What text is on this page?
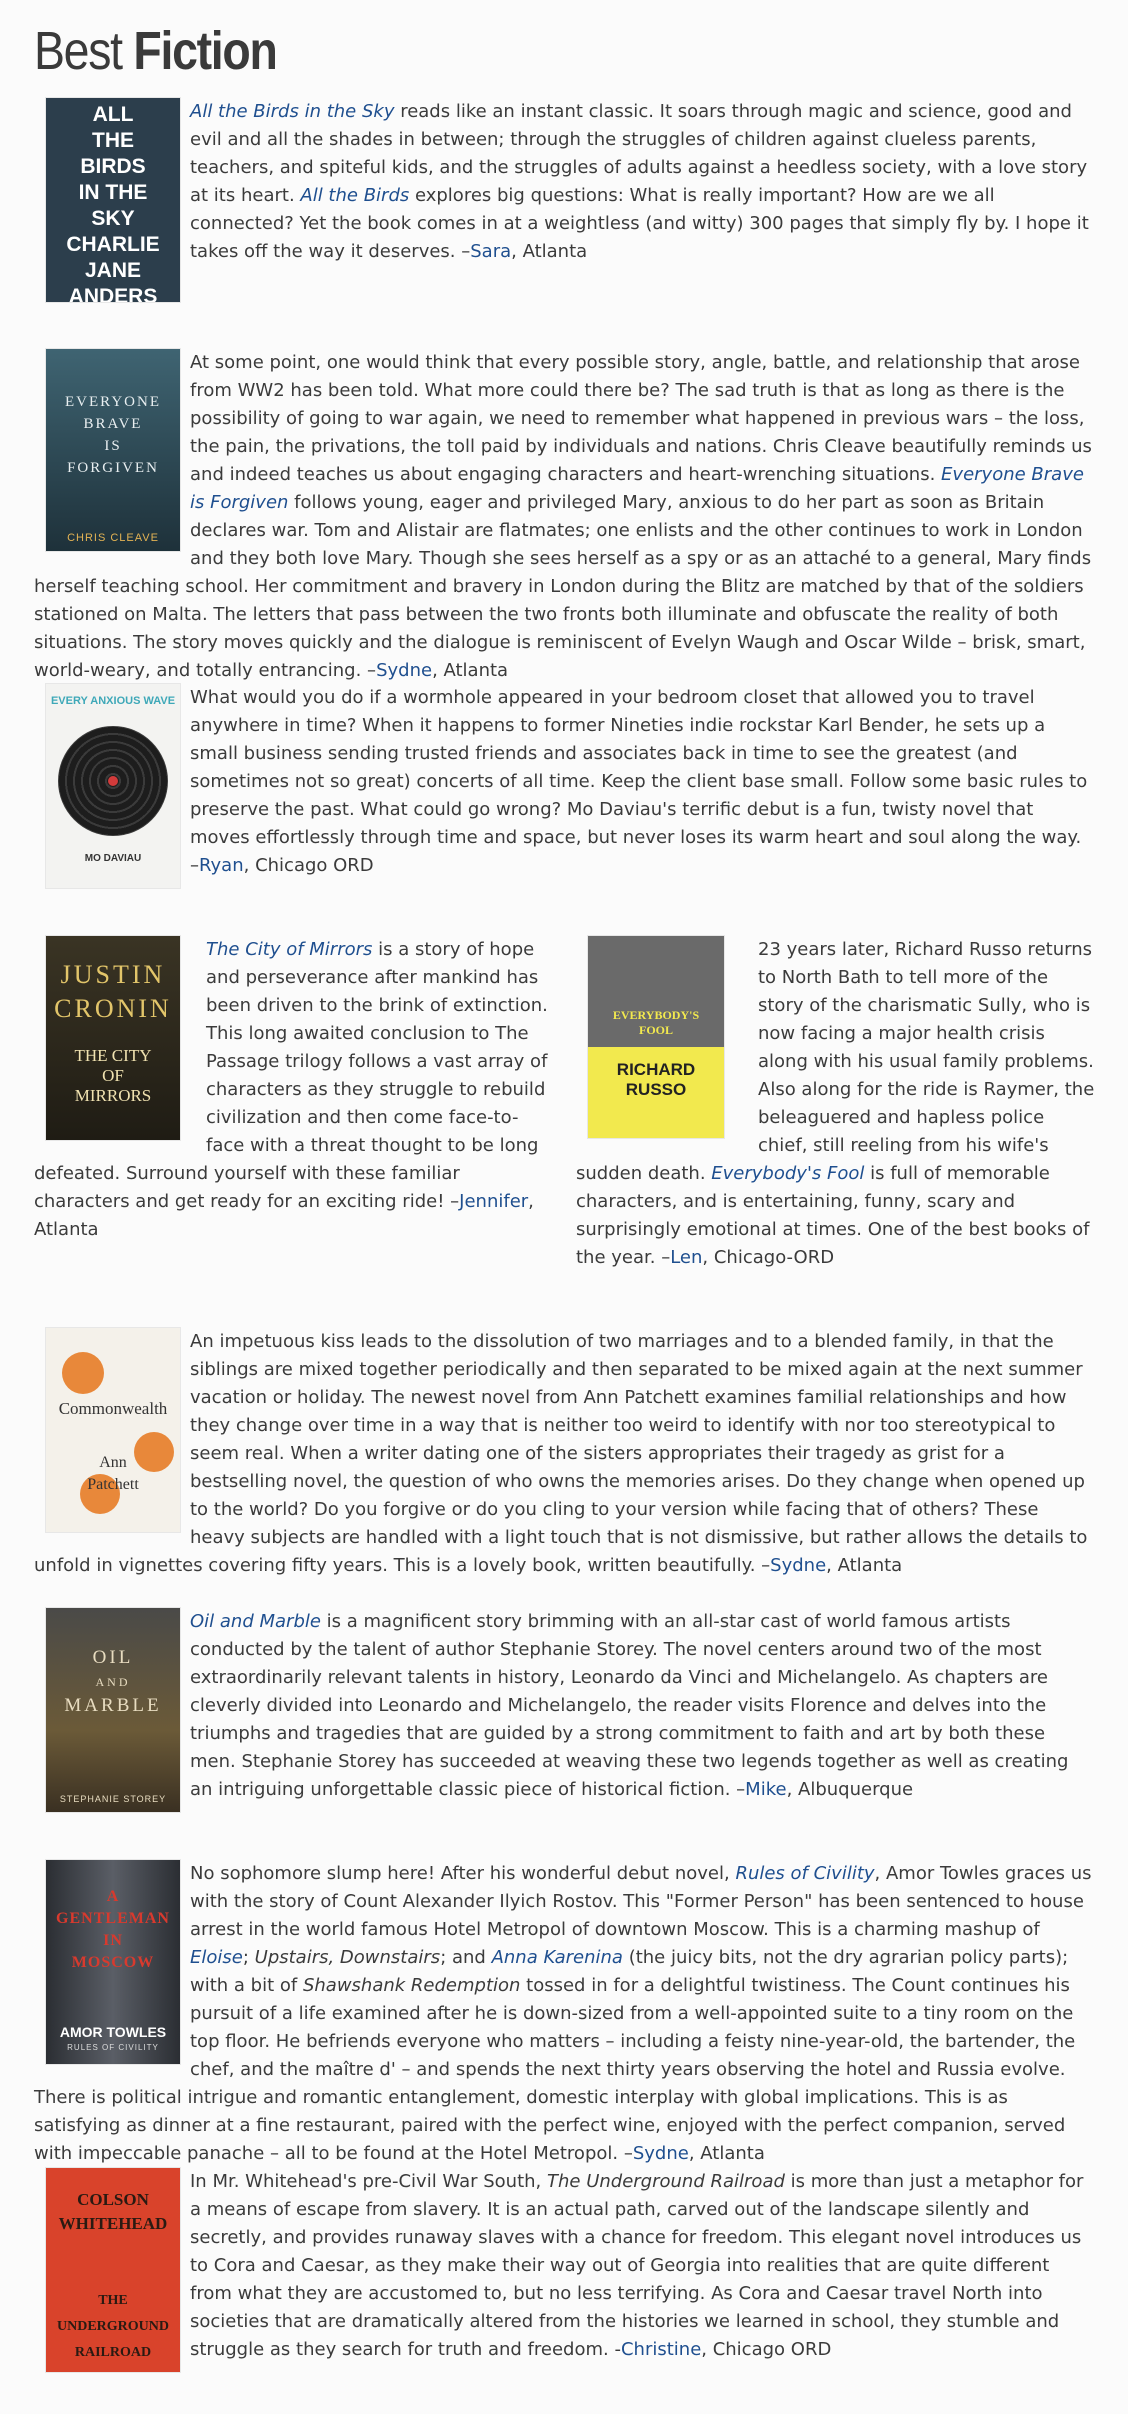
Best Fiction
ALL
THE
BIRDS
IN THE
SKY
CHARLIE
JANE
ANDERS

All the Birds in the Sky reads like an instant classic. It soars through magic and science, good and evil and all the shades in between; through the struggles of children against clueless parents, teachers, and spiteful kids, and the struggles of adults against a heedless society, with a love story at its heart. All the Birds explores big questions: What is really important? How are we all connected? Yet the book comes in at a weightless (and witty) 300 pages that simply fly by. I hope it takes off the way it deserves. –Sara, Atlanta

EVERYONE
BRAVE
IS
FORGIVEN
CHRIS CLEAVE

At some point, one would think that every possible story, angle, battle, and relationship that arose from WW2 has been told. What more could there be? The sad truth is that as long as there is the possibility of going to war again, we need to remember what happened in previous wars – the loss, the pain, the privations, the toll paid by individuals and nations. Chris Cleave beautifully reminds us and indeed teaches us about engaging characters and heart-wrenching situations. Everyone Brave is Forgiven follows young, eager and privileged Mary, anxious to do her part as soon as Britain declares war. Tom and Alistair are flatmates; one enlists and the other continues to work in London and they both love Mary. Though she sees herself as a spy or as an attaché to a general, Mary finds herself teaching school. Her commitment and bravery in London during the Blitz are matched by that of the soldiers stationed on Malta. The letters that pass between the two fronts both illuminate and obfuscate the reality of both situations. The story moves quickly and the dialogue is reminiscent of Evelyn Waugh and Oscar Wilde – brisk, smart, world-weary, and totally entrancing. –Sydne, Atlanta

EVERY ANXIOUS WAVE
MO DAVIAU

What would you do if a wormhole appeared in your bedroom closet that allowed you to travel anywhere in time? When it happens to former Nineties indie rockstar Karl Bender, he sets up a small business sending trusted friends and associates back in time to see the greatest (and sometimes not so great) concerts of all time. Keep the client base small. Follow some basic rules to preserve the past. What could go wrong? Mo Daviau's terrific debut is a fun, twisty novel that moves effortlessly through time and space, but never loses its warm heart and soul along the way. –Ryan, Chicago ORD

JUSTIN
CRONIN
THE CITY
OF
MIRRORS

The City of Mirrors is a story of hope and perseverance after mankind has been driven to the brink of extinction. This long awaited conclusion to The Passage trilogy follows a vast array of characters as they struggle to rebuild civilization and then come face-to-face with a threat thought to be long defeated. Surround yourself with these familiar characters and get ready for an exciting ride! –Jennifer, Atlanta

EVERYBODY'S
FOOL
RICHARD
RUSSO

23 years later, Richard Russo returns to North Bath to tell more of the story of the charismatic Sully, who is now facing a major health crisis along with his usual family problems. Also along for the ride is Raymer, the beleaguered and hapless police chief, still reeling from his wife's sudden death. Everybody's Fool is full of memorable characters, and is entertaining, funny, scary and surprisingly emotional at times. One of the best books of the year. –Len, Chicago-ORD

Commonwealth
Ann
Patchett

An impetuous kiss leads to the dissolution of two marriages and to a blended family, in that the siblings are mixed together periodically and then separated to be mixed again at the next summer vacation or holiday. The newest novel from Ann Patchett examines familial relationships and how they change over time in a way that is neither too weird to identify with nor too stereotypical to seem real. When a writer dating one of the sisters appropriates their tragedy as grist for a bestselling novel, the question of who owns the memories arises. Do they change when opened up to the world? Do you forgive or do you cling to your version while facing that of others? These heavy subjects are handled with a light touch that is not dismissive, but rather allows the details to unfold in vignettes covering fifty years. This is a lovely book, written beautifully. –Sydne, Atlanta

OIL
AND
MARBLE
STEPHANIE STOREY

Oil and Marble is a magnificent story brimming with an all-star cast of world famous artists conducted by the talent of author Stephanie Storey. The novel centers around two of the most extraordinarily relevant talents in history, Leonardo da Vinci and Michelangelo. As chapters are cleverly divided into Leonardo and Michelangelo, the reader visits Florence and delves into the triumphs and tragedies that are guided by a strong commitment to faith and art by both these men. Stephanie Storey has succeeded at weaving these two legends together as well as creating an intriguing unforgettable classic piece of historical fiction. –Mike, Albuquerque

A
GENTLEMAN
IN
MOSCOW
AMOR TOWLES
RULES OF CIVILITY

No sophomore slump here! After his wonderful debut novel, Rules of Civility, Amor Towles graces us with the story of Count Alexander Ilyich Rostov. This "Former Person" has been sentenced to house arrest in the world famous Hotel Metropol of downtown Moscow. This is a charming mashup of Eloise; Upstairs, Downstairs; and Anna Karenina (the juicy bits, not the dry agrarian policy parts); with a bit of Shawshank Redemption tossed in for a delightful twistiness. The Count continues his pursuit of a life examined after he is down-sized from a well-appointed suite to a tiny room on the top floor. He befriends everyone who matters – including a feisty nine-year-old, the bartender, the chef, and the maître d' – and spends the next thirty years observing the hotel and Russia evolve. There is political intrigue and romantic entanglement, domestic interplay with global implications. This is as satisfying as dinner at a fine restaurant, paired with the perfect wine, enjoyed with the perfect companion, served with impeccable panache – all to be found at the Hotel Metropol. –Sydne, Atlanta

COLSON
WHITEHEAD
THE
UNDERGROUND
RAILROAD

In Mr. Whitehead's pre-Civil War South, The Underground Railroad is more than just a metaphor for a means of escape from slavery. It is an actual path, carved out of the landscape silently and secretly, and provides runaway slaves with a chance for freedom. This elegant novel introduces us to Cora and Caesar, as they make their way out of Georgia into realities that are quite different from what they are accustomed to, but no less terrifying. As Cora and Caesar travel North into societies that are dramatically altered from the histories we learned in school, they stumble and struggle as they search for truth and freedom. -Christine, Chicago ORD
